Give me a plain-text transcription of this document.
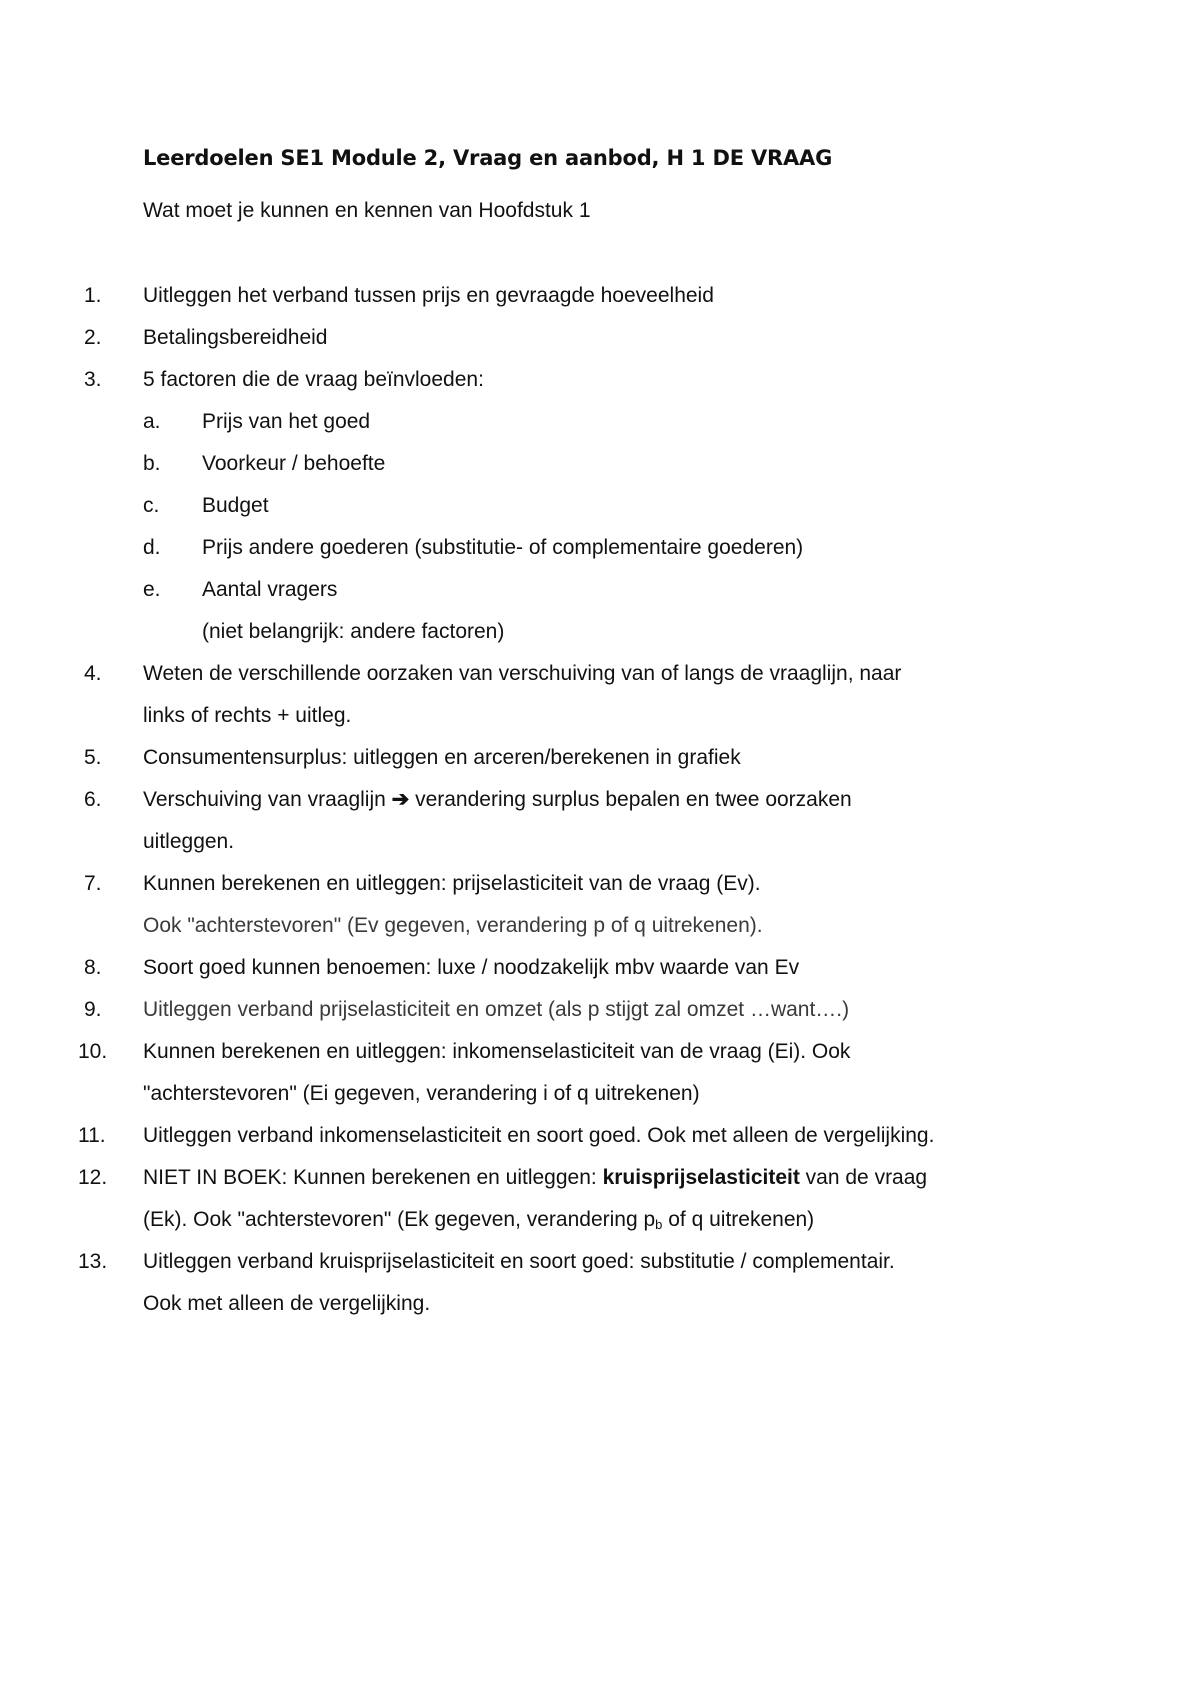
Leerdoelen SE1 Module 2, Vraag en aanbod, H 1 DE VRAAG
Wat moet je kunnen en kennen van Hoofdstuk 1
1. Uitleggen het verband tussen prijs en gevraagde hoeveelheid
2. Betalingsbereidheid
3. 5 factoren die de vraag beïnvloeden:
a. Prijs van het goed
b. Voorkeur / behoefte
c. Budget
d. Prijs andere goederen (substitutie- of complementaire goederen)
e. Aantal vragers
(niet belangrijk: andere factoren)
4. Weten de verschillende oorzaken van verschuiving van of langs de vraaglijn, naar
links of rechts + uitleg.
5. Consumentensurplus: uitleggen en arceren/berekenen in grafiek
6. Verschuiving van vraaglijn ➔ verandering surplus bepalen en twee oorzaken
uitleggen.
7. Kunnen berekenen en uitleggen: prijselasticiteit van de vraag (Ev).
Ook "achterstevoren" (Ev gegeven, verandering p of q uitrekenen).
8. Soort goed kunnen benoemen: luxe / noodzakelijk mbv waarde van Ev
9. Uitleggen verband prijselasticiteit en omzet (als p stijgt zal omzet …want….)
10. Kunnen berekenen en uitleggen: inkomenselasticiteit van de vraag (Ei). Ook
"achterstevoren" (Ei gegeven, verandering i of q uitrekenen)
11. Uitleggen verband inkomenselasticiteit en soort goed. Ook met alleen de vergelijking.
12. NIET IN BOEK: Kunnen berekenen en uitleggen: kruisprijselasticiteit van de vraag
(Ek). Ook "achterstevoren" (Ek gegeven, verandering $p_b$ of q uitrekenen)
13. Uitleggen verband kruisprijselasticiteit en soort goed: substitutie / complementair.
Ook met alleen de vergelijking.
